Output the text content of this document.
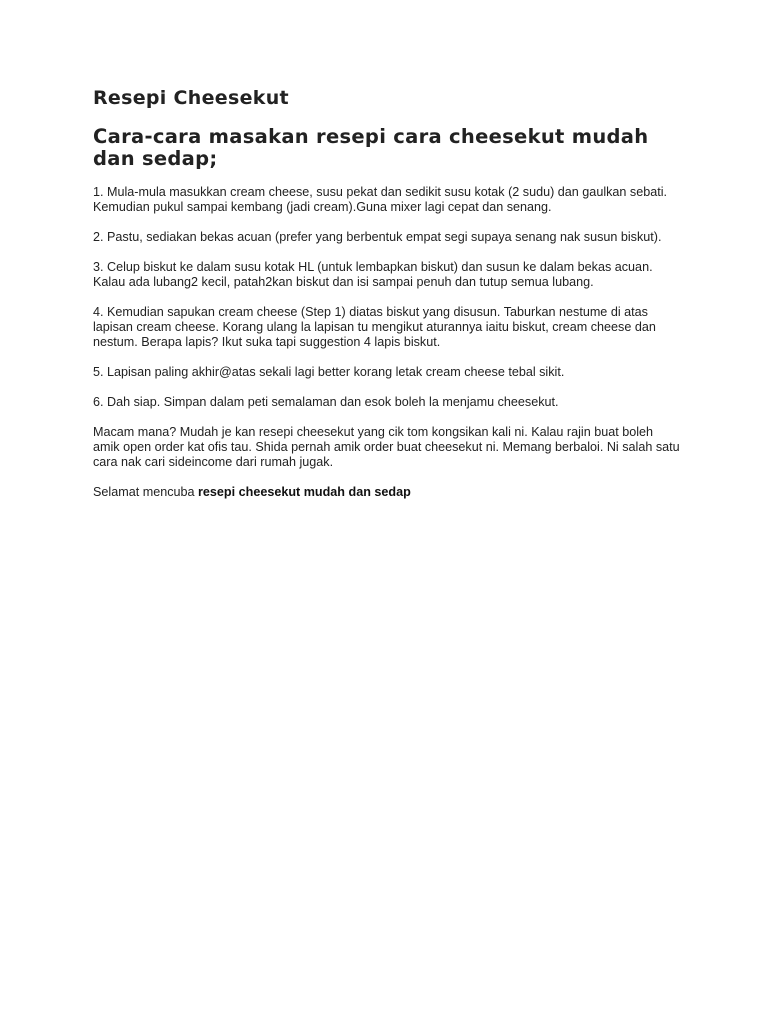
Resepi Cheesekut
Cara-cara masakan resepi cara cheesekut mudah dan sedap;

1. Mula-mula masukkan cream cheese, susu pekat dan sedikit susu kotak (2 sudu) dan gaulkan sebati. Kemudian pukul sampai kembang (jadi cream).Guna mixer lagi cepat dan senang.

2. Pastu, sediakan bekas acuan (prefer yang berbentuk empat segi supaya senang nak susun biskut).

3. Celup biskut ke dalam susu kotak HL (untuk lembapkan biskut) dan susun ke dalam bekas acuan. Kalau ada lubang2 kecil, patah2kan biskut dan isi sampai penuh dan tutup semua lubang.

4. Kemudian sapukan cream cheese (Step 1) diatas biskut yang disusun. Taburkan nestume di atas lapisan cream cheese. Korang ulang la lapisan tu mengikut aturannya iaitu biskut, cream cheese dan nestum. Berapa lapis? Ikut suka tapi suggestion 4 lapis biskut.

5. Lapisan paling akhir@atas sekali lagi better korang letak cream cheese tebal sikit.

6. Dah siap. Simpan dalam peti semalaman dan esok boleh la menjamu cheesekut.

Macam mana? Mudah je kan resepi cheesekut yang cik tom kongsikan kali ni. Kalau rajin buat boleh amik open order kat ofis tau. Shida pernah amik order buat cheesekut ni. Memang berbaloi. Ni salah satu cara nak cari sideincome dari rumah jugak.

Selamat mencuba resepi cheesekut mudah dan sedap
